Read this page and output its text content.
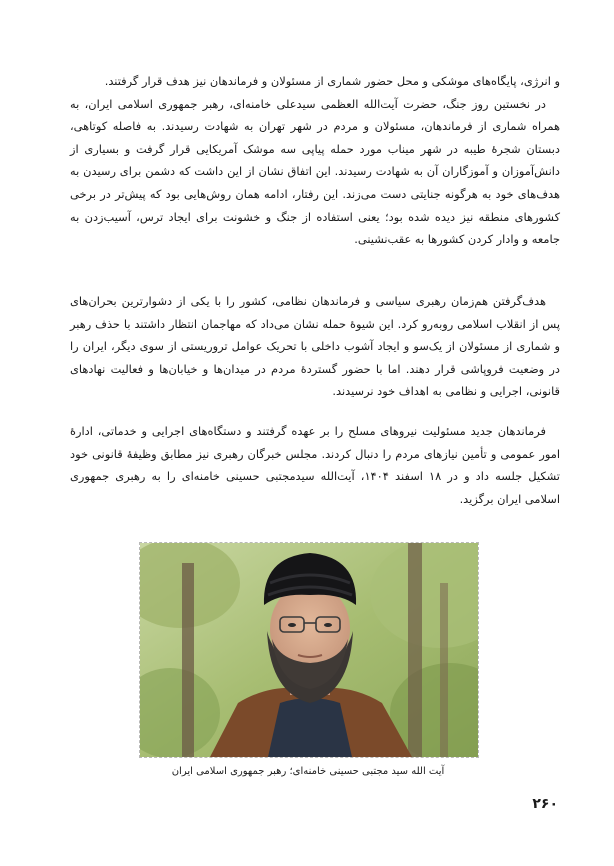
و انرژی، پایگاه‌های موشکی و محل حضور شماری از مسئولان و فرماندهان نیز هدف قرار گرفتند.

در نخستین روز جنگ، حضرت آیت‌الله العظمی سیدعلی خامنه‌ای، رهبر جمهوری اسلامی ایران، به همراه شماری از فرماندهان، مسئولان و مردم در شهر تهران به شهادت رسیدند. به فاصله کوتاهی، دبستان شجرهٔ طیبه در شهر میناب مورد حمله پیاپی سه موشک آمریکایی قرار گرفت و بسیاری از دانش‌آموزان و آموزگاران آن به شهادت رسیدند. این اتفاق نشان از این داشت که دشمن برای رسیدن به هدف‌های خود به هرگونه جنایتی دست می‌زند. این رفتار، ادامه همان روش‌هایی بود که پیش‌تر در برخی کشورهای منطقه نیز دیده شده بود؛ یعنی استفاده از جنگ و خشونت برای ایجاد ترس، آسیب‌زدن به جامعه و وادار کردن کشورها به عقب‌نشینی.

هدف‌گرفتن هم‌زمان رهبری سیاسی و فرماندهان نظامی، کشور را با یکی از دشوارترین بحران‌های پس از انقلاب اسلامی روبه‌رو کرد. این شیوهٔ حمله نشان می‌داد که مهاجمان انتظار داشتند با حذف رهبر و شماری از مسئولان از یک‌سو و ایجاد آشوب داخلی با تحریک عوامل تروریستی از سوی دیگر، ایران را در وضعیت فروپاشی قرار دهند. اما با حضور گستردهٔ مردم در میدان‌ها و خیابان‌ها و فعالیت نهادهای قانونی، اجرایی و نظامی به اهداف خود نرسیدند.

فرماندهان جدید مسئولیت نیروهای مسلح را بر عهده گرفتند و دستگاه‌های اجرایی و خدماتی، ادارهٔ امور عمومی و تأمین نیازهای مردم را دنبال کردند. مجلس خبرگان رهبری نیز مطابق وظیفهٔ قانونی خود تشکیل جلسه داد و در ۱۸ اسفند ۱۴۰۴، آیت‌الله سیدمجتبی حسینی خامنه‌ای را به رهبری جمهوری اسلامی ایران برگزید.

آیت الله سید مجتبی حسینی خامنه‌ای؛ رهبر جمهوری اسلامی ایران

۲۶۰
